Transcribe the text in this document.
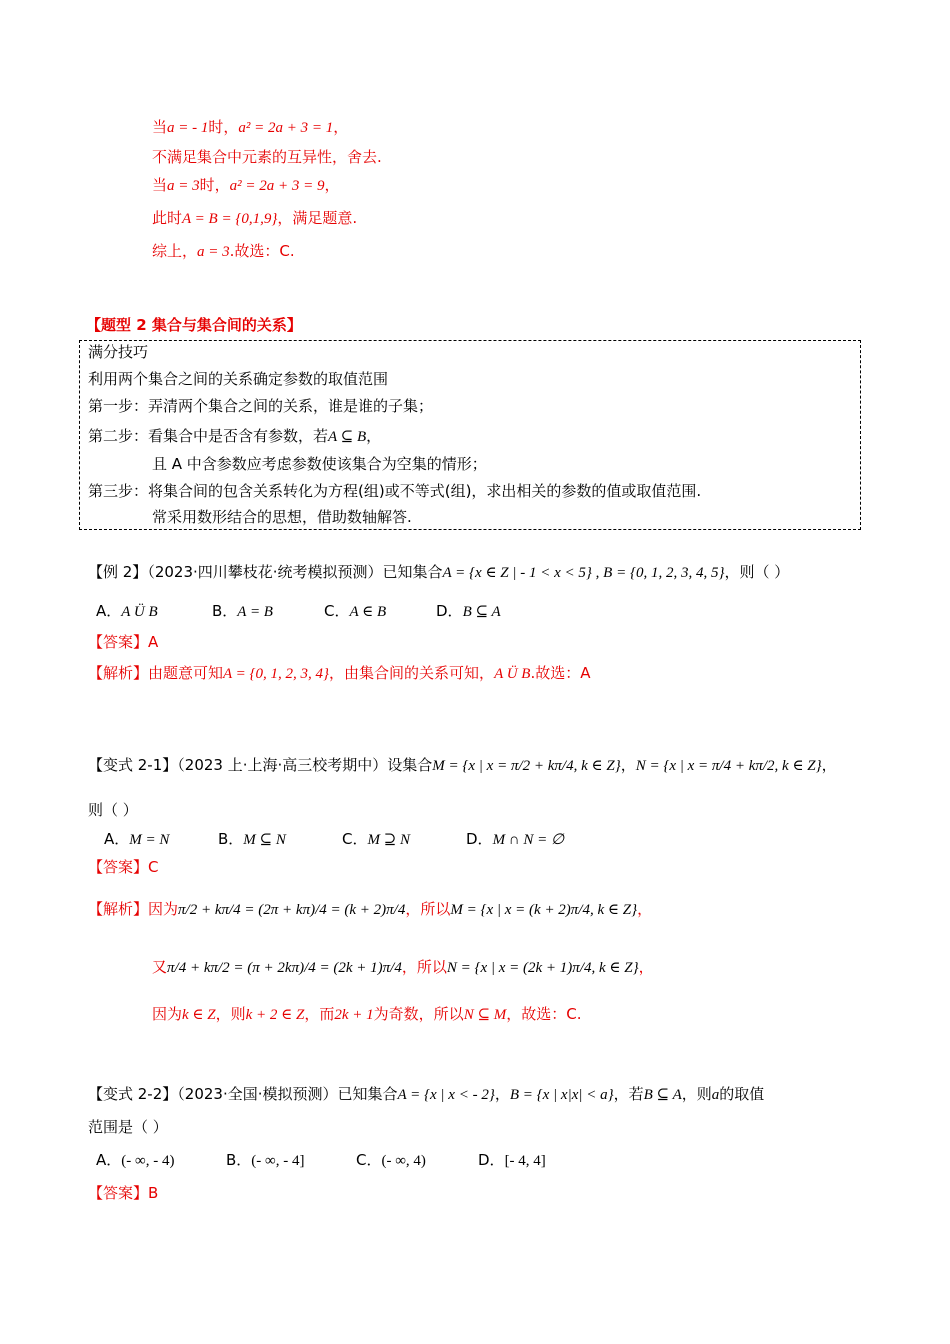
当a = - 1时，a² = 2a + 3 = 1，
不满足集合中元素的互异性，舍去.
当a = 3时，a² = 2a + 3 = 9，
此时A = B = {0,1,9}，满足题意.
综上，a = 3.故选：C.
【题型 2 集合与集合间的关系】
满分技巧
利用两个集合之间的关系确定参数的取值范围
第一步：弄清两个集合之间的关系，谁是谁的子集；
第二步：看集合中是否含有参数，若A ⊆ B，
且 A 中含参数应考虑参数使该集合为空集的情形；
第三步：将集合间的包含关系转化为方程(组)或不等式(组)，求出相关的参数的值或取值范围.
常采用数形结合的思想，借助数轴解答.
【例 2】（2023·四川攀枝花·统考模拟预测）已知集合A = {x ∈ Z | - 1 < x < 5} , B = {0, 1, 2, 3, 4, 5}，则（ ）
A．A Ü B	B．A = B	C．A ∈ B	D．B ⊆ A
【答案】A
【解析】由题意可知A = {0, 1, 2, 3, 4}，由集合间的关系可知，A Ü B.故选：A
【变式 2-1】（2023 上·上海·高三校考期中）设集合M = {x | x = π/2 + kπ/4, k ∈ Z}，N = {x | x = π/4 + kπ/2, k ∈ Z}，
则（ ）
A．M = N	B．M ⊆ N	C．M ⊇ N	D．M ∩ N = ∅
【答案】C
【解析】因为π/2 + kπ/4 = (2π + kπ)/4 = (k + 2)π/4，所以M = {x | x = (k + 2)π/4, k ∈ Z}，
又π/4 + kπ/2 = (π + 2kπ)/4 = (2k + 1)π/4，所以N = {x | x = (2k + 1)π/4, k ∈ Z}，
因为k ∈ Z，则k + 2 ∈ Z，而2k + 1为奇数，所以N ⊆ M，故选：C.
【变式 2-2】（2023·全国·模拟预测）已知集合A = {x | x < - 2}，B = {x | x|x| < a}，若B ⊆ A，则a的取值
范围是（ ）
A．(- ∞, - 4)	B．(- ∞, - 4]	C．(- ∞, 4)	D．[- 4, 4]
【答案】B
